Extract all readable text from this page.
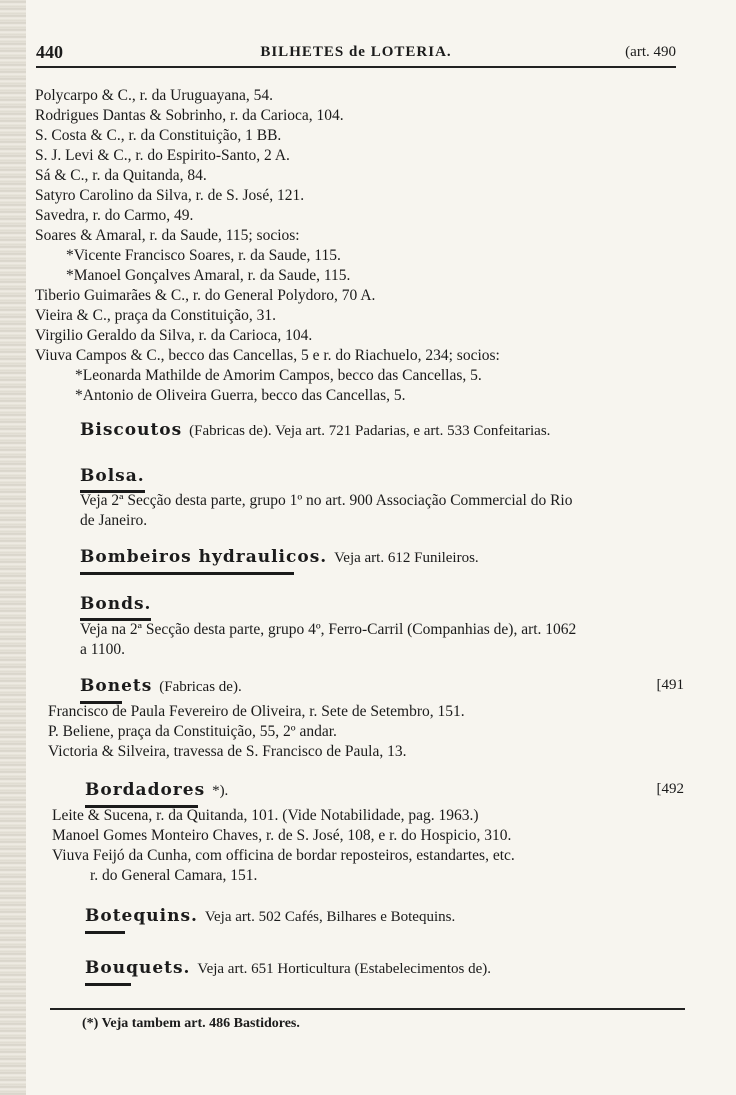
440	BILHETES de LOTERIA.	(art. 490
Polycarpo & C., r. da Uruguayana, 54.
Rodrigues Dantas & Sobrinho, r. da Carioca, 104.
S. Costa & C., r. da Constituição, 1 BB.
S. J. Levi & C., r. do Espirito-Santo, 2 A.
Sá & C., r. da Quitanda, 84.
Satyro Carolino da Silva, r. de S. José, 121.
Savedra, r. do Carmo, 49.
Soares & Amaral, r. da Saude, 115; socios:
*Vicente Francisco Soares, r. da Saude, 115.
*Manoel Gonçalves Amaral, r. da Saude, 115.
Tiberio Guimarães & C., r. do General Polydoro, 70 A.
Vieira & C., praça da Constituição, 31.
Virgilio Geraldo da Silva, r. da Carioca, 104.
Viuva Campos & C., becco das Cancellas, 5 e r. do Riachuelo, 234; socios:
*Leonarda Mathilde de Amorim Campos, becco das Cancellas, 5.
*Antonio de Oliveira Guerra, becco das Cancellas, 5.
Biscoutos (Fabricas de). Veja art. 721 Padarias, e art. 533 Confeitarias.
Bolsa.
Veja 2ª Secção desta parte, grupo 1º no art. 900 Associação Commercial do Rio
de Janeiro.
Bombeiros hydraulicos. Veja art. 612 Funileiros.
Bonds.
Veja na 2ª Secção desta parte, grupo 4º, Ferro-Carril (Companhias de), art. 1062
a 1100.
Bonets (Fabricas de).	[491
Francisco de Paula Fevereiro de Oliveira, r. Sete de Setembro, 151.
P. Beliene, praça da Constituição, 55, 2º andar.
Victoria & Silveira, travessa de S. Francisco de Paula, 13.
Bordadores *).	[492
Leite & Sucena, r. da Quitanda, 101. (Vide Notabilidade, pag. 1963.)
Manoel Gomes Monteiro Chaves, r. de S. José, 108, e r. do Hospicio, 310.
Viuva Feijó da Cunha, com officina de bordar reposteiros, estandartes, etc.
r. do General Camara, 151.
Botequins. Veja art. 502 Cafés, Bilhares e Botequins.
Bouquets. Veja art. 651 Horticultura (Estabelecimentos de).
(*) Veja tambem art. 486 Bastidores.
